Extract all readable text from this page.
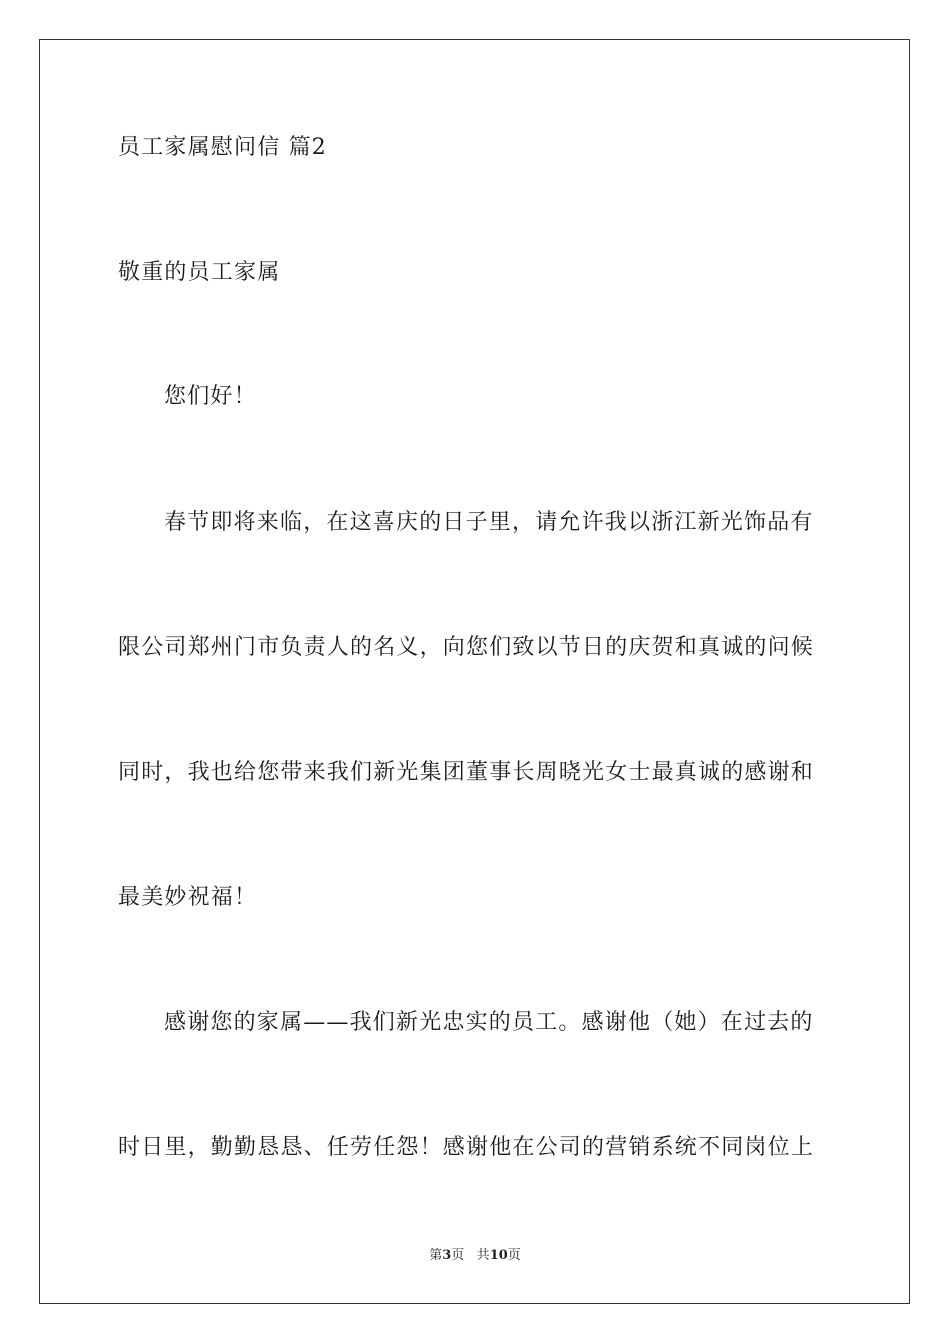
员工家属慰问信 篇2
敬重的员工家属
您们好！
春节即将来临，在这喜庆的日子里，请允许我以浙江新光饰品有
限公司郑州门市负责人的名义，向您们致以节日的庆贺和真诚的问候
同时，我也给您带来我们新光集团董事长周晓光女士最真诚的感谢和
最美妙祝福！
感谢您的家属——我们新光忠实的员工。感谢他（她）在过去的
时日里，勤勤恳恳、任劳任怨！感谢他在公司的营销系统不同岗位上
第3页 共10页
